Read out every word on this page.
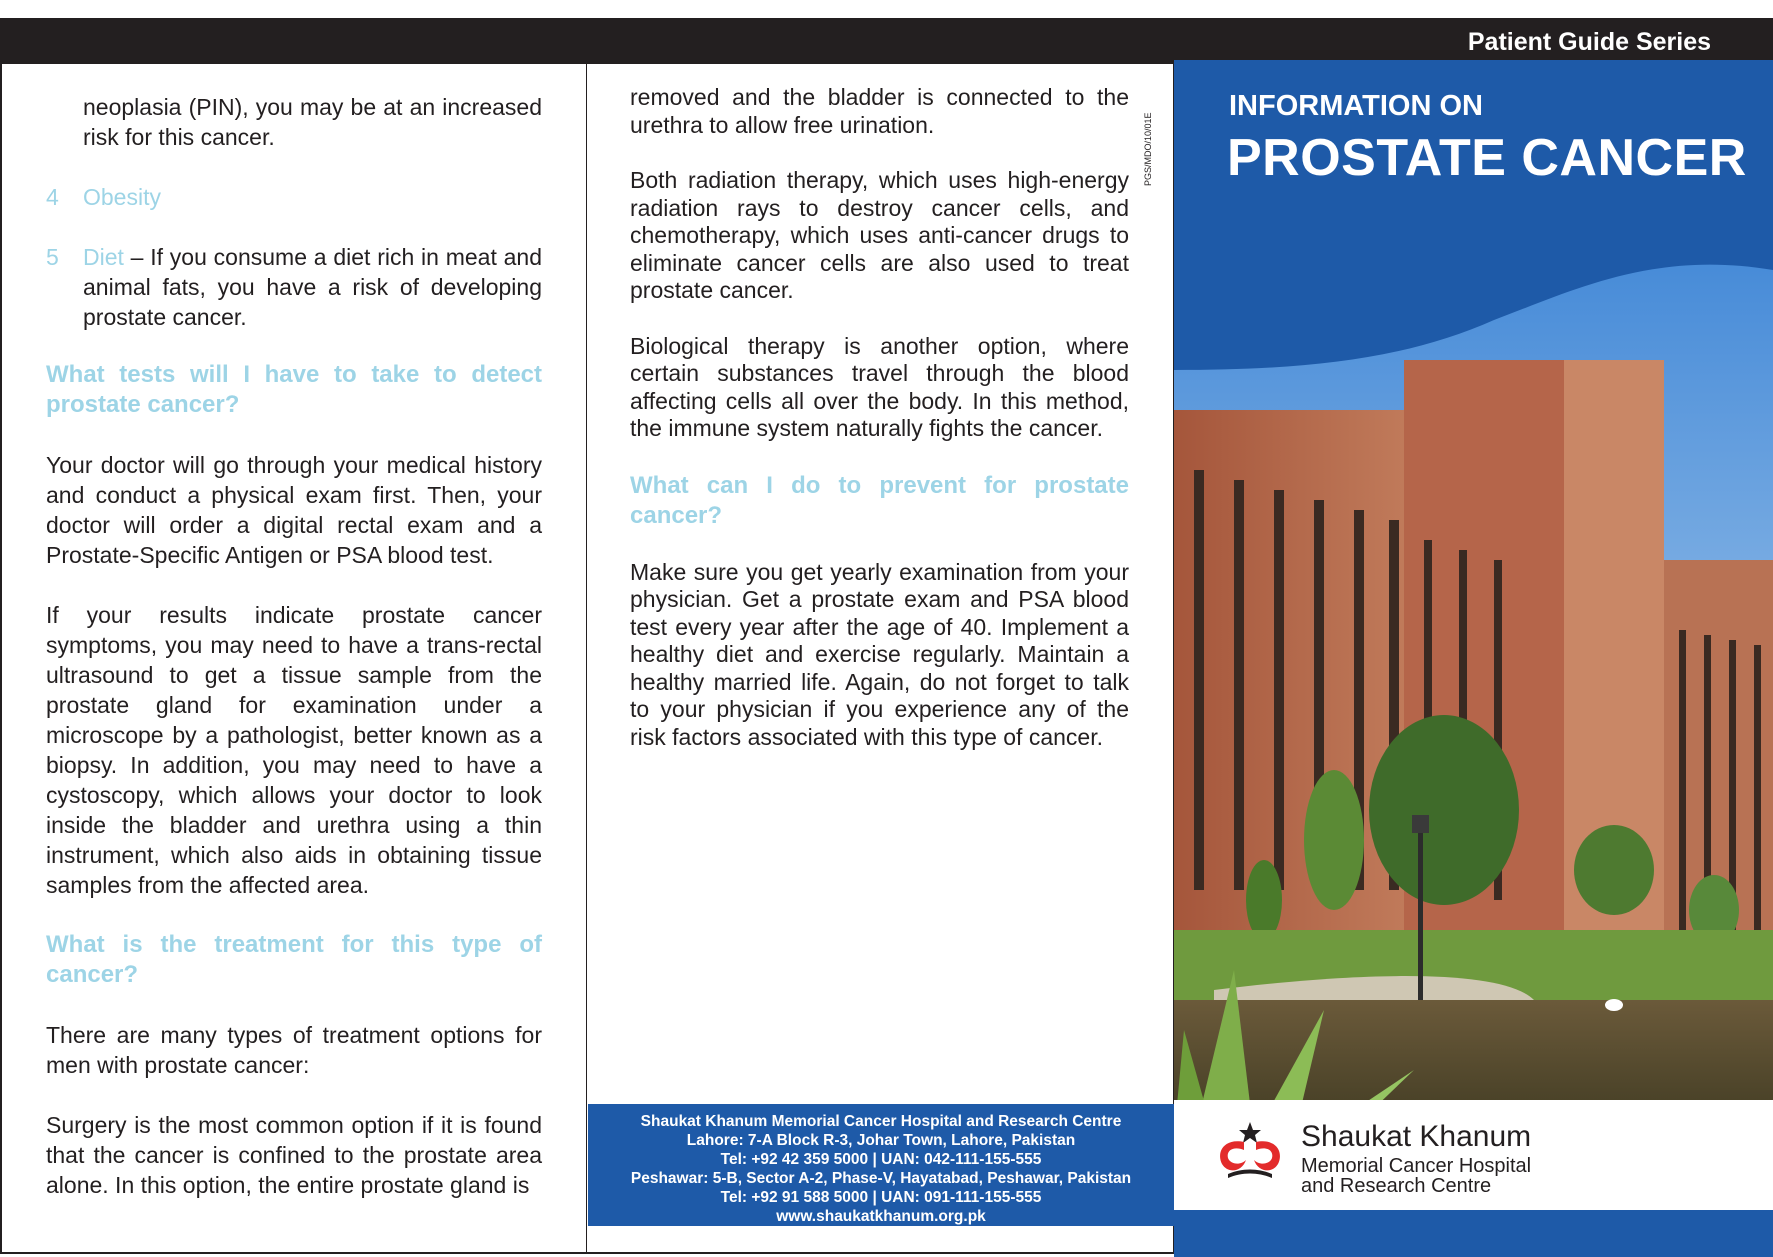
Patient Guide Series

neoplasia (PIN), you may be at an increased risk for this cancer.

4 Obesity

5 Diet – If you consume a diet rich in meat and animal fats, you have a risk of developing prostate cancer.

What tests will I have to take to detect prostate cancer?

Your doctor will go through your medical history and conduct a physical exam first. Then, your doctor will order a digital rectal exam and a Prostate-Specific Antigen or PSA blood test.

If your results indicate prostate cancer symptoms, you may need to have a trans-rectal ultrasound to get a tissue sample from the prostate gland for examination under a microscope by a pathologist, better known as a biopsy. In addition, you may need to have a cystoscopy, which allows your doctor to look inside the bladder and urethra using a thin instrument, which also aids in obtaining tissue samples from the affected area.

What is the treatment for this type of cancer?

There are many types of treatment options for men with prostate cancer:

Surgery is the most common option if it is found that the cancer is confined to the prostate area alone. In this option, the entire prostate gland is

removed and the bladder is connected to the urethra to allow free urination.

Both radiation therapy, which uses high-energy radiation rays to destroy cancer cells, and chemotherapy, which uses anti-cancer drugs to eliminate cancer cells are also used to treat prostate cancer.

Biological therapy is another option, where certain substances travel through the blood affecting cells all over the body. In this method, the immune system naturally fights the cancer.

What can I do to prevent for prostate cancer?

Make sure you get yearly examination from your physician. Get a prostate exam and PSA blood test every year after the age of 40. Implement a healthy diet and exercise regularly. Maintain a healthy married life. Again, do not forget to talk to your physician if you experience any of the risk factors associated with this type of cancer.

PGS/MDO/10/01E
Shaukat Khanum Memorial Cancer Hospital and Research Centre
Lahore: 7-A Block R-3, Johar Town, Lahore, Pakistan
Tel: +92 42 359 5000 | UAN: 042-111-155-555
Peshawar: 5-B, Sector A-2, Phase-V, Hayatabad, Peshawar, Pakistan
Tel: +92 91 588 5000 | UAN: 091-111-155-555
www.shaukatkhanum.org.pk
INFORMATION ON
PROSTATE CANCER
Shaukat Khanum
Memorial Cancer Hospital
and Research Centre
